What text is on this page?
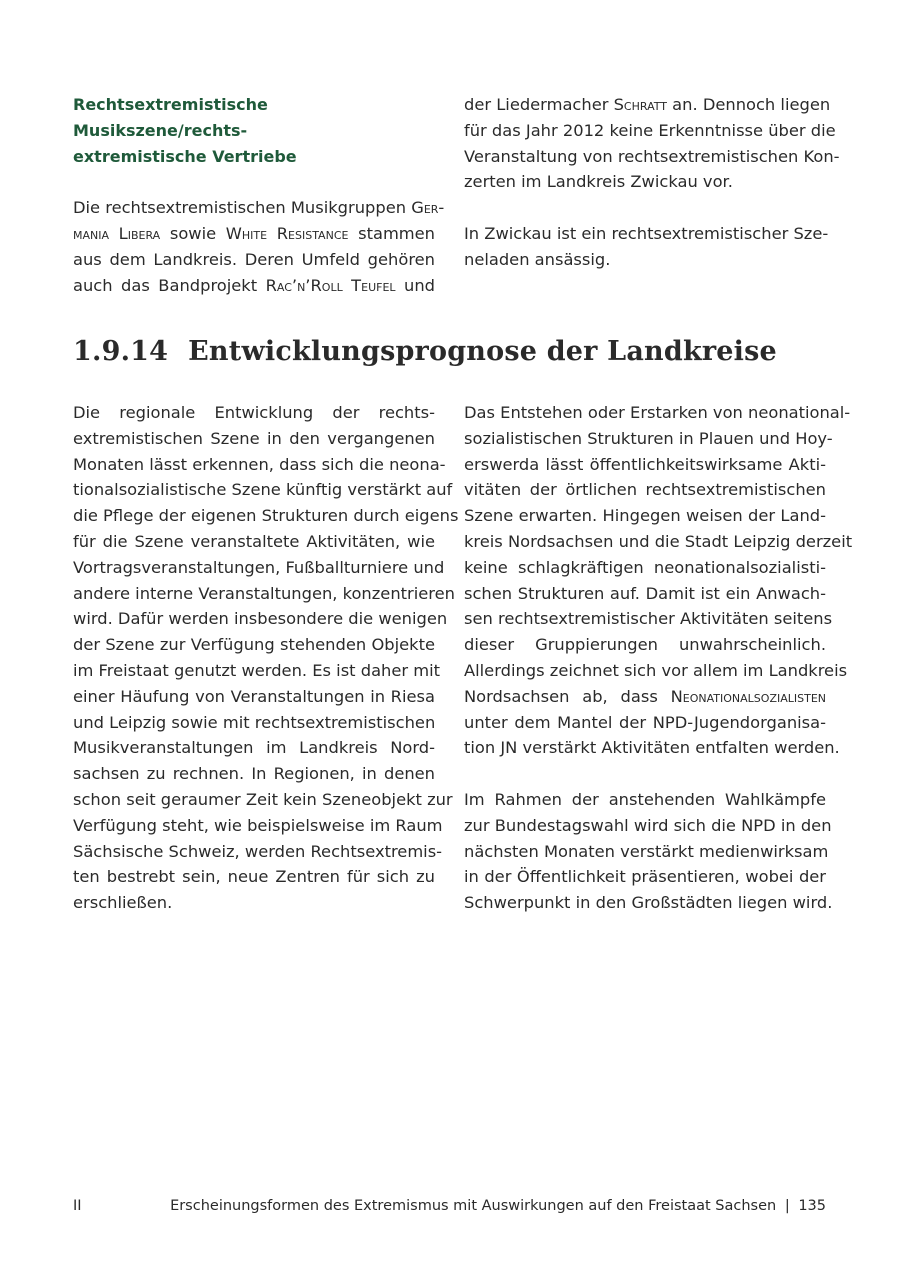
Rechtsextremistische Musikszene/rechts-
extremistische Vertriebe
Die rechtsextremistischen Musikgruppen Ger-
mania Libera sowie White Resistance stammen
aus dem Landkreis. Deren Umfeld gehören
auch das Bandprojekt Rac’n’Roll Teufel und
der Liedermacher Schratt an. Dennoch liegen
für das Jahr 2012 keine Erkenntnisse über die
Veranstaltung von rechtsextremistischen Kon-
zerten im Landkreis Zwickau vor.
In Zwickau ist ein rechtsextremistischer Sze-
neladen ansässig.
1.9.14 Entwicklungsprognose der Landkreise
Die regionale Entwicklung der rechts-
extremistischen Szene in den vergangenen
Monaten lässt erkennen, dass sich die neona-
tionalsozialistische Szene künftig verstärkt auf
die Pflege der eigenen Strukturen durch eigens
für die Szene veranstaltete Aktivitäten, wie
Vortragsveranstaltungen, Fußballturniere und
andere interne Veranstaltungen, konzentrieren
wird. Dafür werden insbesondere die wenigen
der Szene zur Verfügung stehenden Objekte
im Freistaat genutzt werden. Es ist daher mit
einer Häufung von Veranstaltungen in Riesa
und Leipzig sowie mit rechtsextremistischen
Musikveranstaltungen im Landkreis Nord-
sachsen zu rechnen. In Regionen, in denen
schon seit geraumer Zeit kein Szeneobjekt zur
Verfügung steht, wie beispielsweise im Raum
Sächsische Schweiz, werden Rechtsextremis-
ten bestrebt sein, neue Zentren für sich zu
erschließen.
Das Entstehen oder Erstarken von neonational-
sozialistischen Strukturen in Plauen und Hoy-
erswerda lässt öffentlichkeitswirksame Akti-
vitäten der örtlichen rechtsextremistischen
Szene erwarten. Hingegen weisen der Land-
kreis Nordsachsen und die Stadt Leipzig derzeit
keine schlagkräftigen neonationalsozialisti-
schen Strukturen auf. Damit ist ein Anwach-
sen rechtsextremistischer Aktivitäten seitens
dieser Gruppierungen unwahrscheinlich.
Allerdings zeichnet sich vor allem im Landkreis
Nordsachsen ab, dass Neonationalsozialisten
unter dem Mantel der NPD-Jugendorganisa-
tion JN verstärkt Aktivitäten entfalten werden.
Im Rahmen der anstehenden Wahlkämpfe
zur Bundestagswahl wird sich die NPD in den
nächsten Monaten verstärkt medienwirksam
in der Öffentlichkeit präsentieren, wobei der
Schwerpunkt in den Großstädten liegen wird.
II	Erscheinungsformen des Extremismus mit Auswirkungen auf den Freistaat Sachsen | 135
